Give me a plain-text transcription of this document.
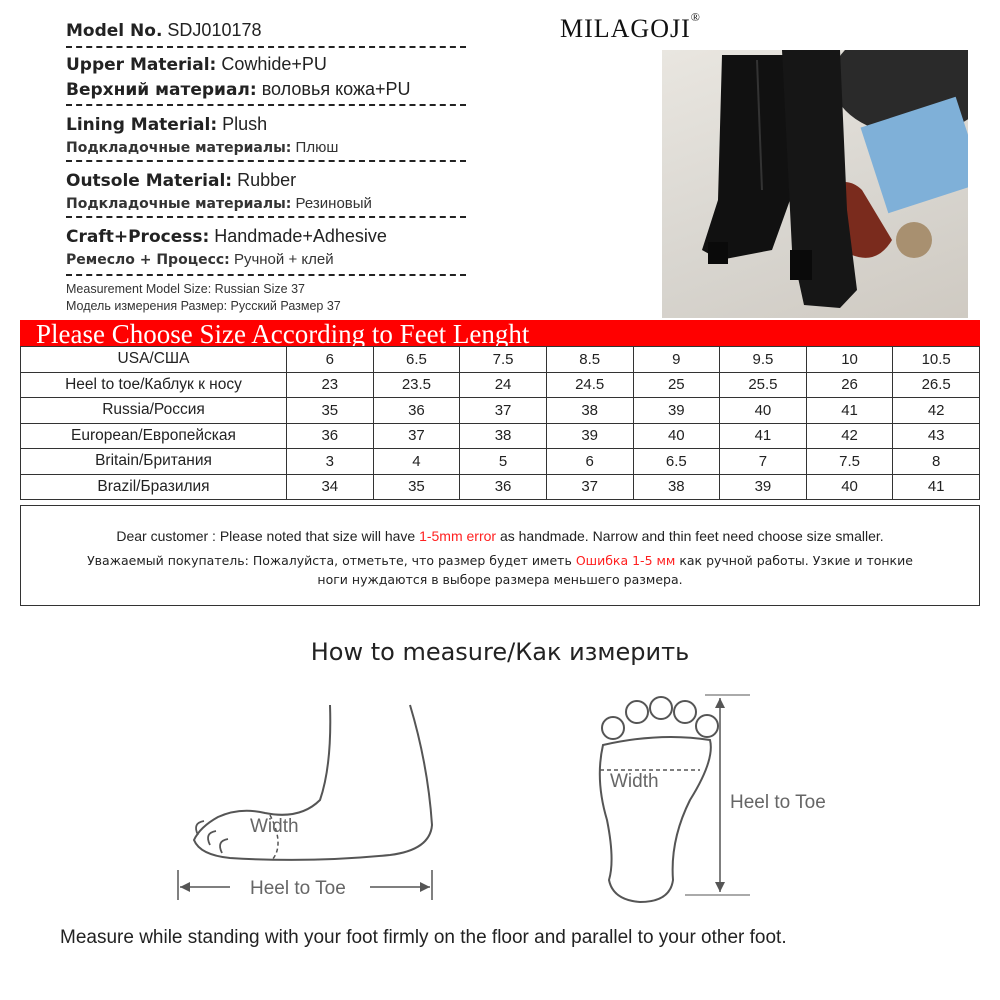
Model No. SDJ010178
Upper Material: Cowhide+PU
Верхний материал: воловья кожа+PU
Lining Material: Plush
Подкладочные материалы: Плюш
Outsole Material: Rubber
Подкладочные материалы: Резиновый
Craft+Process: Handmade+Adhesive
Ремесло + Процесс: Ручной + клей
Measurement Model Size: Russian Size 37
Модель измерения Размер: Русский Размер 37
MILAGOJI®
Please Choose Size According to Feet Lenght
USA/СШA	6	6.5	7.5	8.5	9	9.5	10	10.5
Heel to toe/Каблук к носу	23	23.5	24	24.5	25	25.5	26	26.5
Russia/Россия	35	36	37	38	39	40	41	42
European/Европейская	36	37	38	39	40	41	42	43
Britain/Британия	3	4	5	6	6.5	7	7.5	8
Brazil/Бразилия	34	35	36	37	38	39	40	41
Dear customer : Please noted that size will have 1-5mm error as handmade. Narrow and thin feet need choose size smaller.
Уважаемый покупатель: Пожалуйста, отметьте, что размер будет иметь Ошибка 1-5 мм как ручной работы. Узкие и тонкие
ноги нуждаются в выборе размера меньшего размера.
How to measure/Как измерить
Width
Heel to Toe
Width
Heel to Toe
Measure while standing with your foot firmly on the floor and parallel to your other foot.
